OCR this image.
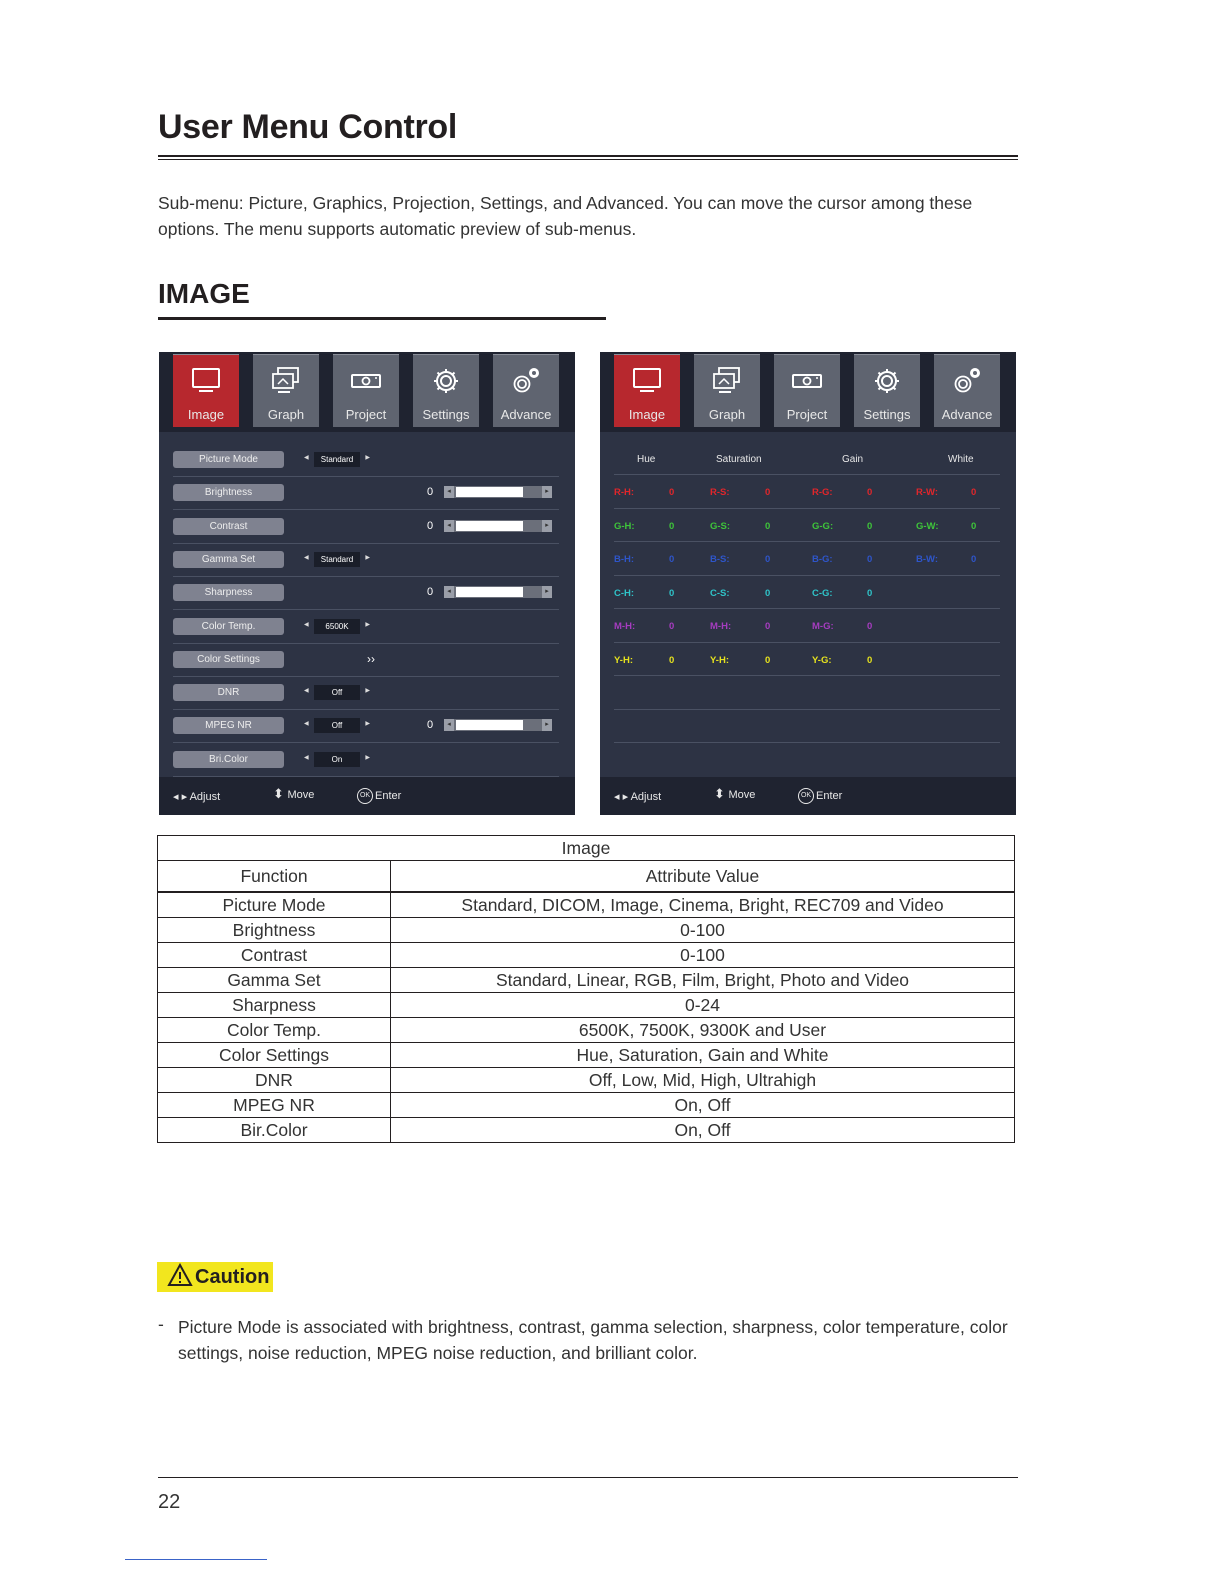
User Menu Control
Sub-menu: Picture, Graphics, Projection, Settings, and Advanced. You can move the cursor among these options. The menu supports automatic preview of sub-menus.
IMAGE
Image	Graph	Project	Settings	Advance
Picture Mode	◀	Standard	▶
Brightness	0	◂	▸
Contrast	0	◂	▸
Gamma Set	◀	Standard	▶
Sharpness	0	◂	▸
Color Temp.	◀	6500K	▶
Color Settings	››
DNR	◀	Off	▶
MPEG NR	◀	Off	▶	0	◂	▸
Bri.Color	◀	On	▶
◂ ▸ Adjust	⬍ Move	OK Enter
Image	Graph	Project	Settings	Advance
Hue	Saturation	Gain	White
R-H:	0	R-S:	0	R-G:	0	R-W:	0
G-H:	0	G-S:	0	G-G:	0	G-W:	0
B-H:	0	B-S:	0	B-G:	0	B-W:	0
C-H:	0	C-S:	0	C-G:	0
M-H:	0	M-H:	0	M-G:	0
Y-H:	0	Y-H:	0	Y-G:	0
◂ ▸ Adjust	⬍ Move	OK Enter
Image	
Function	Attribute Value
Picture Mode	Standard, DICOM, Image, Cinema, Bright, REC709 and Video
Brightness	0-100
Contrast	0-100
Gamma Set	Standard, Linear, RGB, Film, Bright, Photo and Video
Sharpness	0-24
Color Temp.	6500K, 7500K, 9300K and User
Color Settings	Hue, Saturation, Gain and White
DNR	Off, Low, Mid, High, Ultrahigh
MPEG NR	On, Off
Bir.Color	On, Off
Caution
- Picture Mode is associated with brightness, contrast, gamma selection, sharpness, color temperature, color settings, noise reduction, MPEG noise reduction, and brilliant color.
22
